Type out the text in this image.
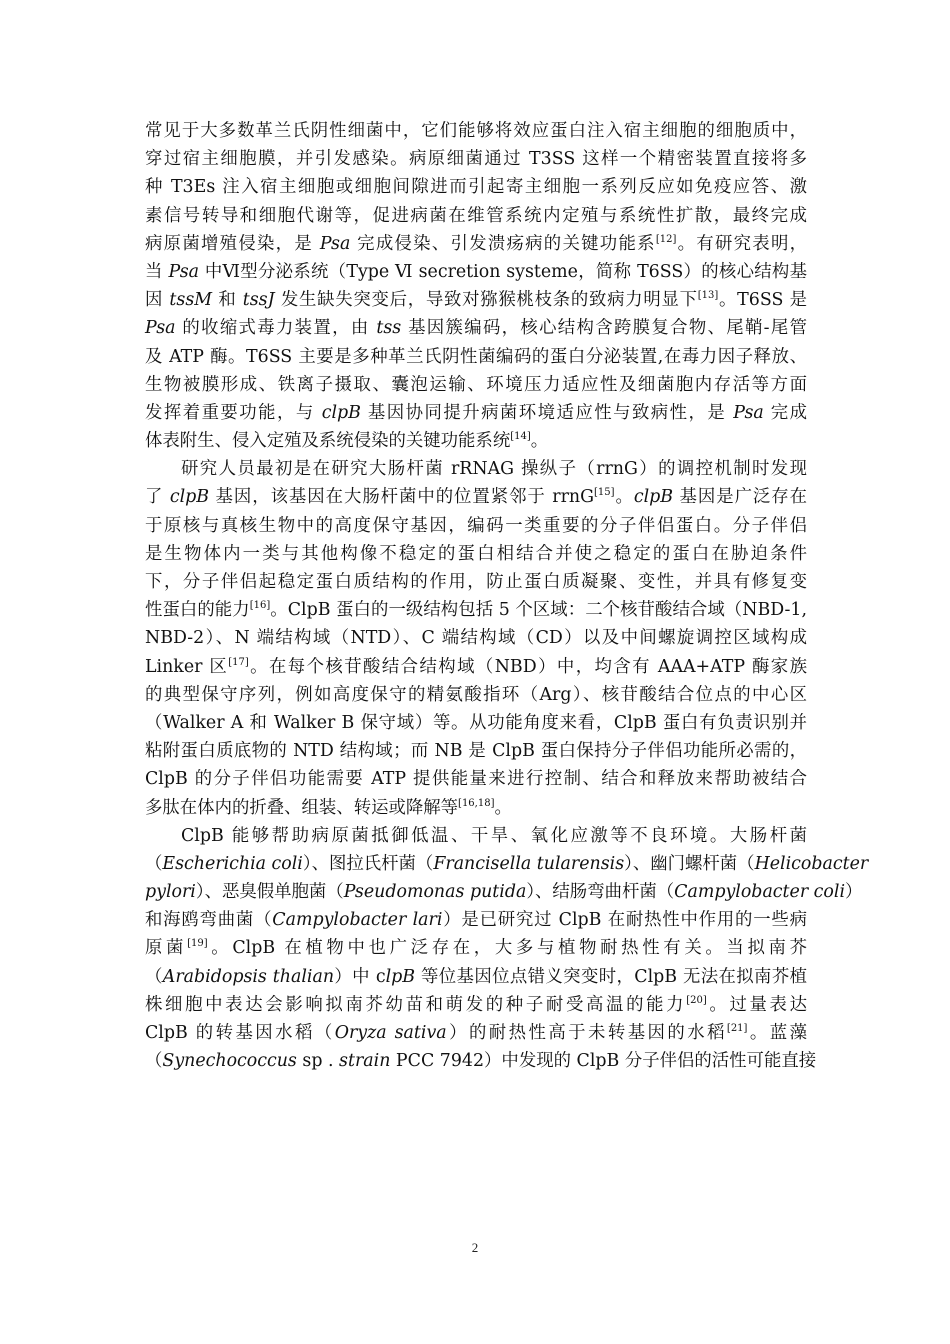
常见于大多数革兰氏阴性细菌中，它们能够将效应蛋白注入宿主细胞的细胞质中，
穿过宿主细胞膜，并引发感染。病原细菌通过 T3SS 这样一个精密装置直接将多
种 T3Es 注入宿主细胞或细胞间隙进而引起寄主细胞一系列反应如免疫应答、激
素信号转导和细胞代谢等，促进病菌在维管系统内定殖与系统性扩散，最终完成
病原菌增殖侵染，是 Psa 完成侵染、引发溃疡病的关键功能系[12]。有研究表明，
当 Psa 中Ⅵ型分泌系统（Type Ⅵ secretion systeme，简称 T6SS）的核心结构基
因 tssM 和 tssJ 发生缺失突变后，导致对猕猴桃枝条的致病力明显下[13]。T6SS 是
Psa 的收缩式毒力装置，由 tss 基因簇编码，核心结构含跨膜复合物、尾鞘-尾管
及 ATP 酶。T6SS 主要是多种革兰氏阴性菌编码的蛋白分泌装置,在毒力因子释放、
生物被膜形成、铁离子摄取、囊泡运输、环境压力适应性及细菌胞内存活等方面
发挥着重要功能，与 clpB 基因协同提升病菌环境适应性与致病性，是 Psa 完成
体表附生、侵入定殖及系统侵染的关键功能系统[14]。
研究人员最初是在研究大肠杆菌 rRNAG 操纵子（rrnG）的调控机制时发现
了 clpB 基因，该基因在大肠杆菌中的位置紧邻于 rrnG[15]。clpB 基因是广泛存在
于原核与真核生物中的高度保守基因，编码一类重要的分子伴侣蛋白。分子伴侣
是生物体内一类与其他构像不稳定的蛋白相结合并使之稳定的蛋白在胁迫条件
下，分子伴侣起稳定蛋白质结构的作用，防止蛋白质凝聚、变性，并具有修复变
性蛋白的能力[16]。ClpB 蛋白的一级结构包括 5 个区域：二个核苷酸结合域（NBD-1,
NBD-2）、N 端结构域（NTD）、C 端结构域（CD）以及中间螺旋调控区域构成
Linker 区[17]。在每个核苷酸结合结构域（NBD）中，均含有 AAA+ATP 酶家族
的典型保守序列，例如高度保守的精氨酸指环（Arg）、核苷酸结合位点的中心区
（Walker A 和 Walker B 保守域）等。从功能角度来看，ClpB 蛋白有负责识别并
粘附蛋白质底物的 NTD 结构域；而 NB 是 ClpB 蛋白保持分子伴侣功能所必需的，
ClpB 的分子伴侣功能需要 ATP 提供能量来进行控制、结合和释放来帮助被结合
多肽在体内的折叠、组装、转运或降解等[16,18]。
ClpB 能够帮助病原菌抵御低温、干旱、氧化应激等不良环境。大肠杆菌
（Escherichia coli）、图拉氏杆菌（Francisella tularensis）、幽门螺杆菌（Helicobacter
pylori）、恶臭假单胞菌（Pseudomonas putida）、结肠弯曲杆菌（Campylobacter coli）
和海鸥弯曲菌（Campylobacter lari）是已研究过 ClpB 在耐热性中作用的一些病
原菌[19]。ClpB 在植物中也广泛存在，大多与植物耐热性有关。当拟南芥
（Arabidopsis thalian）中 clpB 等位基因位点错义突变时，ClpB 无法在拟南芥植
株细胞中表达会影响拟南芥幼苗和萌发的种子耐受高温的能力[20]。过量表达
ClpB 的转基因水稻（Oryza sativa）的耐热性高于未转基因的水稻[21]。蓝藻
（Synechococcus sp . strain PCC 7942）中发现的 ClpB 分子伴侣的活性可能直接
2
